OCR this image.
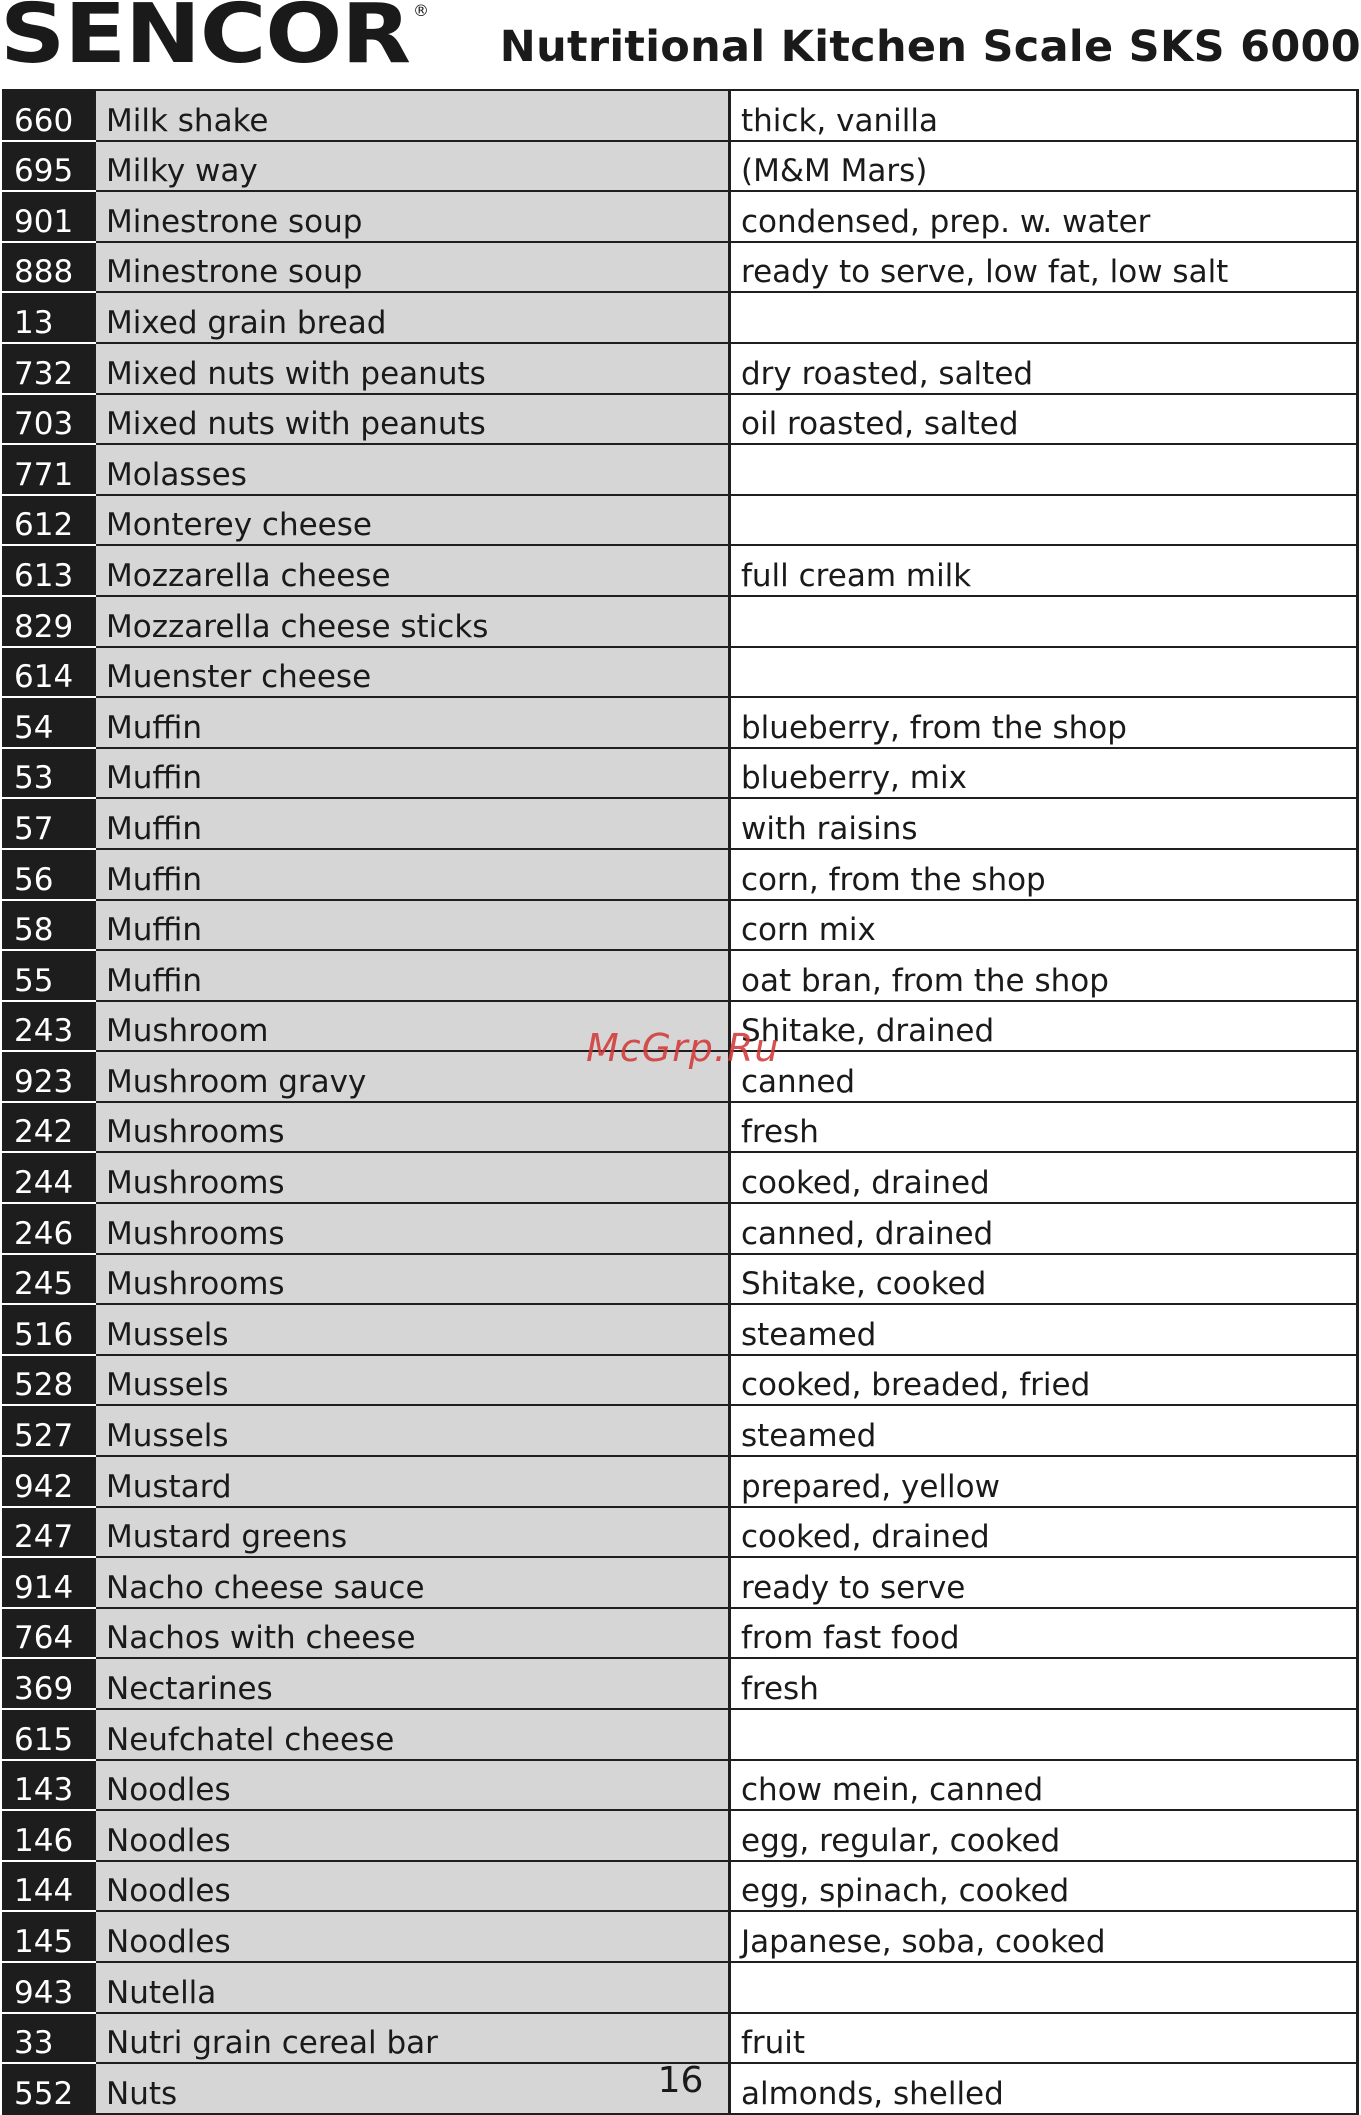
SENCOR ®
Nutritional Kitchen Scale SKS 6000
660	Milk shake	thick, vanilla
695	Milky way	(M&M Mars)
901	Minestrone soup	condensed, prep. w. water
888	Minestrone soup	ready to serve, low fat, low salt
13	Mixed grain bread	
732	Mixed nuts with peanuts	dry roasted, salted
703	Mixed nuts with peanuts	oil roasted, salted
771	Molasses	
612	Monterey cheese	
613	Mozzarella cheese	full cream milk
829	Mozzarella cheese sticks	
614	Muenster cheese	
54	Muffin	blueberry, from the shop
53	Muffin	blueberry, mix
57	Muffin	with raisins
56	Muffin	corn, from the shop
58	Muffin	corn mix
55	Muffin	oat bran, from the shop
243	Mushroom	Shitake, drained
923	Mushroom gravy	canned
242	Mushrooms	fresh
244	Mushrooms	cooked, drained
246	Mushrooms	canned, drained
245	Mushrooms	Shitake, cooked
516	Mussels	steamed
528	Mussels	cooked, breaded, fried
527	Mussels	steamed
942	Mustard	prepared, yellow
247	Mustard greens	cooked, drained
914	Nacho cheese sauce	ready to serve
764	Nachos with cheese	from fast food
369	Nectarines	fresh
615	Neufchatel cheese	
143	Noodles	chow mein, canned
146	Noodles	egg, regular, cooked
144	Noodles	egg, spinach, cooked
145	Noodles	Japanese, soba, cooked
943	Nutella	
33	Nutri grain cereal bar	fruit
552	Nuts	almonds, shelled
McGrp.Ru
16
